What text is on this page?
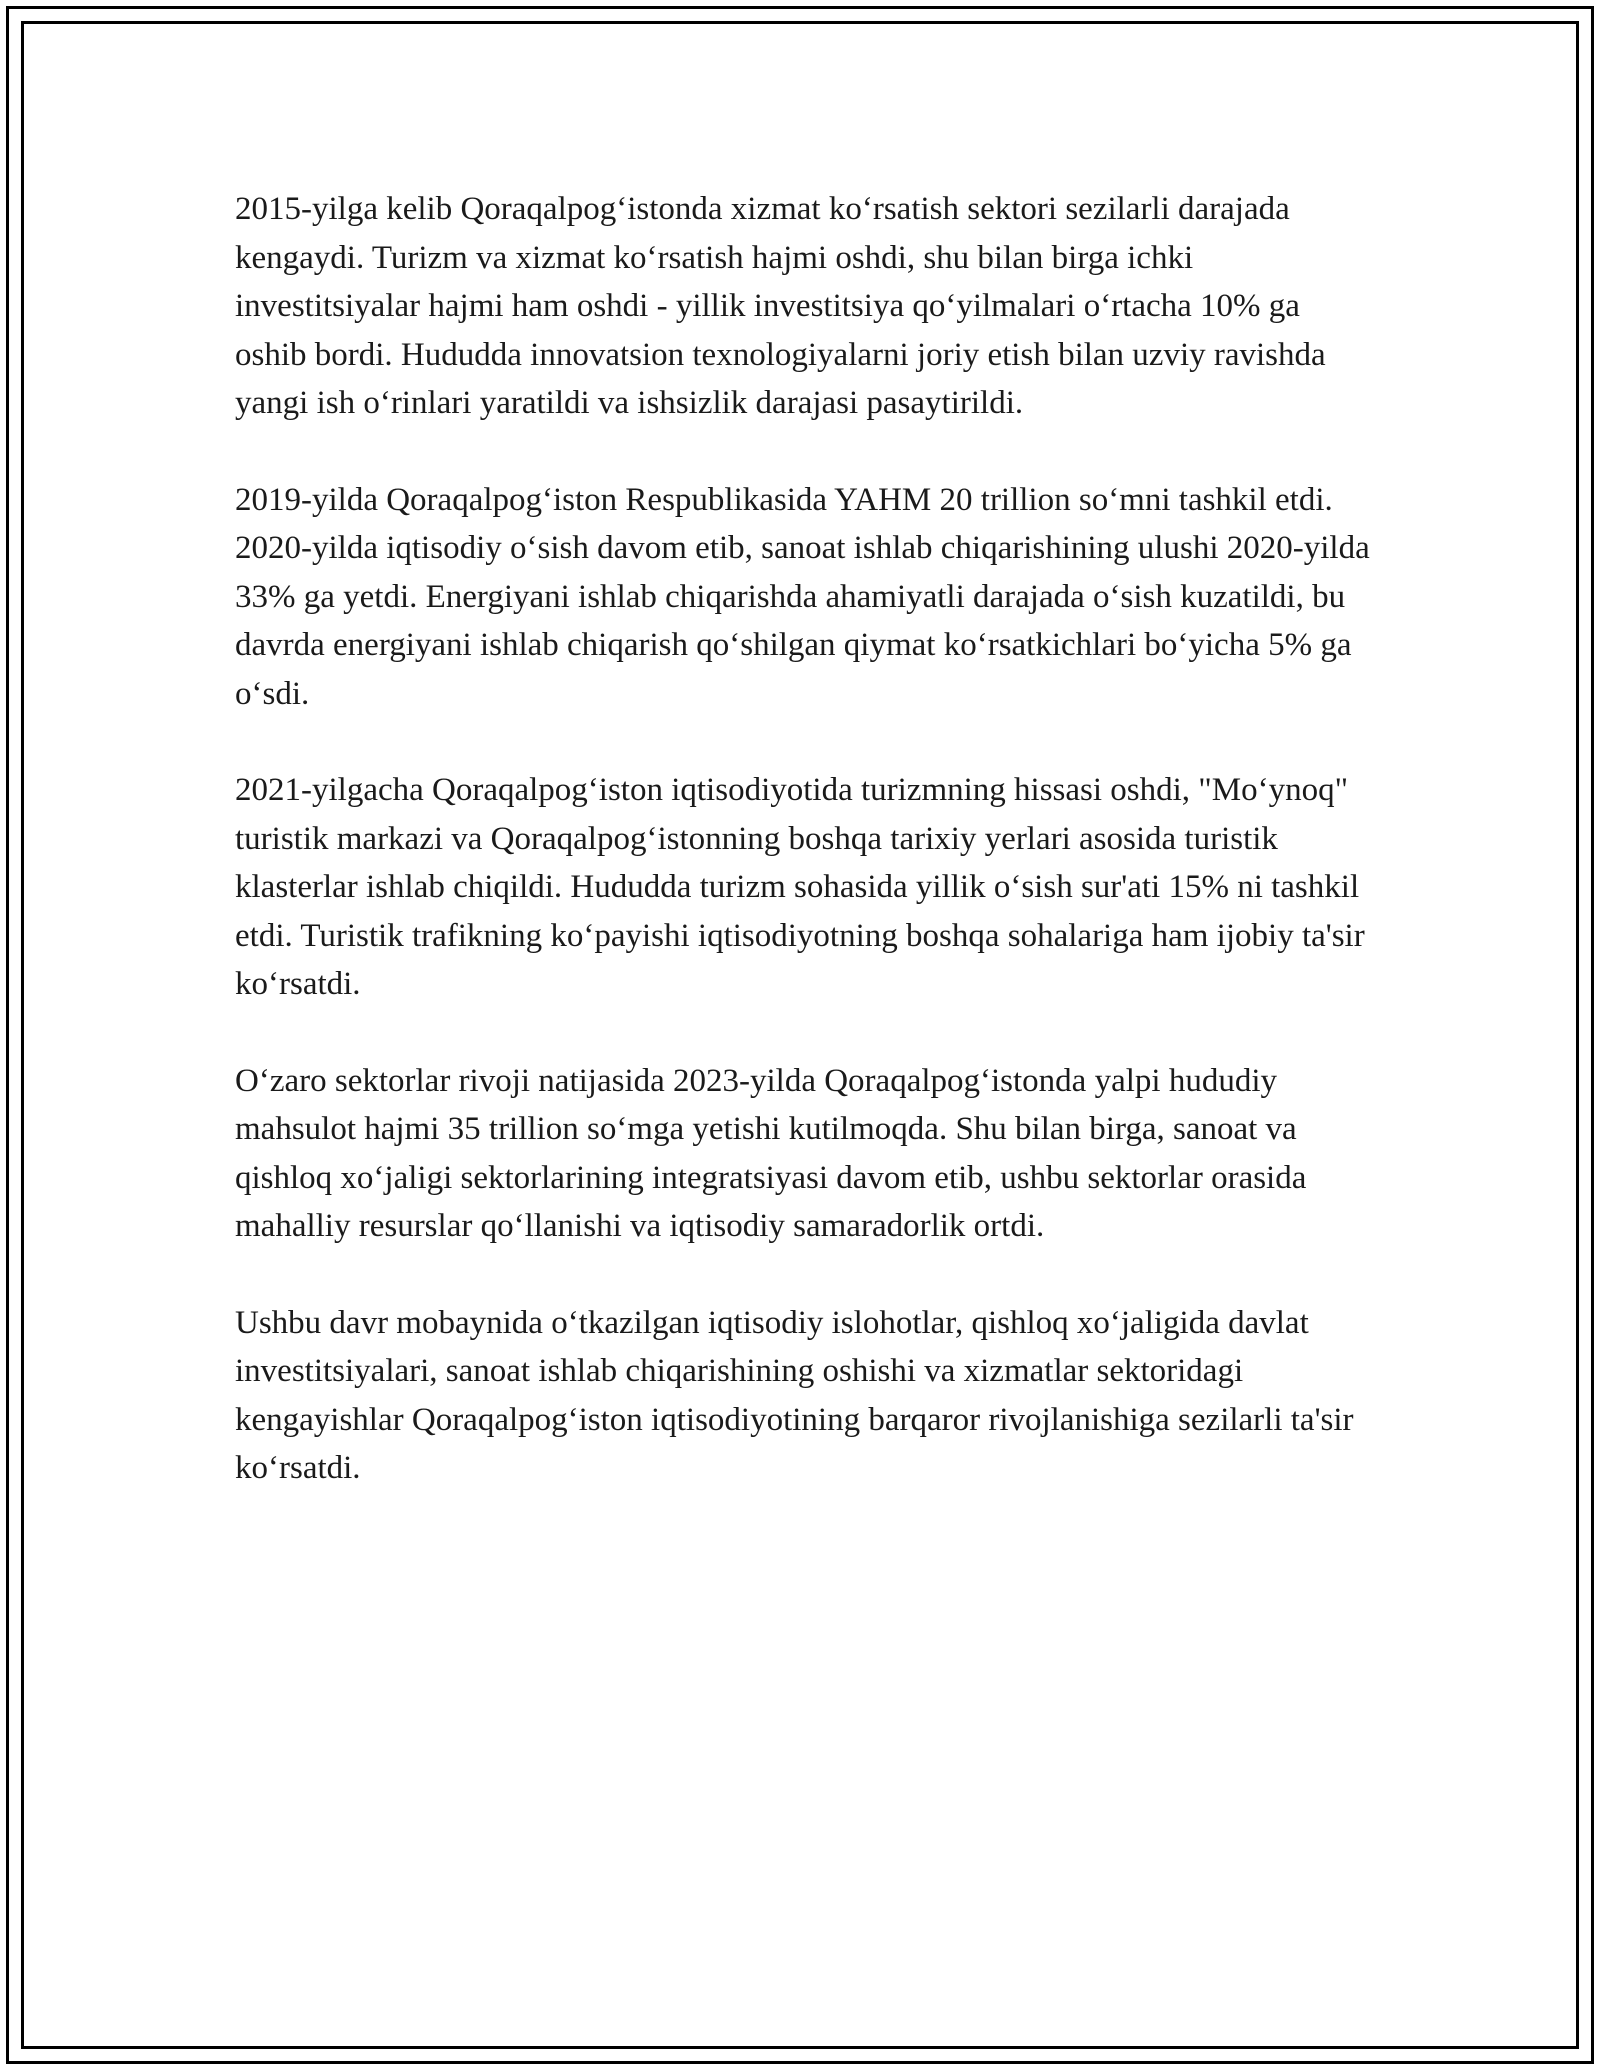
2015-yilga kelib Qoraqalpog‘istonda xizmat ko‘rsatish sektori sezilarli darajada kengaydi. Turizm va xizmat ko‘rsatish hajmi oshdi, shu bilan birga ichki investitsiyalar hajmi ham oshdi - yillik investitsiya qo‘yilmalari o‘rtacha 10% ga oshib bordi. Hududda innovatsion texnologiyalarni joriy etish bilan uzviy ravishda yangi ish o‘rinlari yaratildi va ishsizlik darajasi pasaytirildi.

2019-yilda Qoraqalpog‘iston Respublikasida YAHM 20 trillion so‘mni tashkil etdi. 2020-yilda iqtisodiy o‘sish davom etib, sanoat ishlab chiqarishining ulushi 2020-yilda 33% ga yetdi. Energiyani ishlab chiqarishda ahamiyatli darajada o‘sish kuzatildi, bu davrda energiyani ishlab chiqarish qo‘shilgan qiymat ko‘rsatkichlari bo‘yicha 5% ga o‘sdi.

2021-yilgacha Qoraqalpog‘iston iqtisodiyotida turizmning hissasi oshdi, "Mo‘ynoq" turistik markazi va Qoraqalpog‘istonning boshqa tarixiy yerlari asosida turistik klasterlar ishlab chiqildi. Hududda turizm sohasida yillik o‘sish sur'ati 15% ni tashkil etdi. Turistik trafikning ko‘payishi iqtisodiyotning boshqa sohalariga ham ijobiy ta'sir ko‘rsatdi.

O‘zaro sektorlar rivoji natijasida 2023-yilda Qoraqalpog‘istonda yalpi hududiy mahsulot hajmi 35 trillion so‘mga yetishi kutilmoqda. Shu bilan birga, sanoat va qishloq xo‘jaligi sektorlarining integratsiyasi davom etib, ushbu sektorlar orasida mahalliy resurslar qo‘llanishi va iqtisodiy samaradorlik ortdi.

Ushbu davr mobaynida o‘tkazilgan iqtisodiy islohotlar, qishloq xo‘jaligida davlat investitsiyalari, sanoat ishlab chiqarishining oshishi va xizmatlar sektoridagi kengayishlar Qoraqalpog‘iston iqtisodiyotining barqaror rivojlanishiga sezilarli ta'sir ko‘rsatdi.
